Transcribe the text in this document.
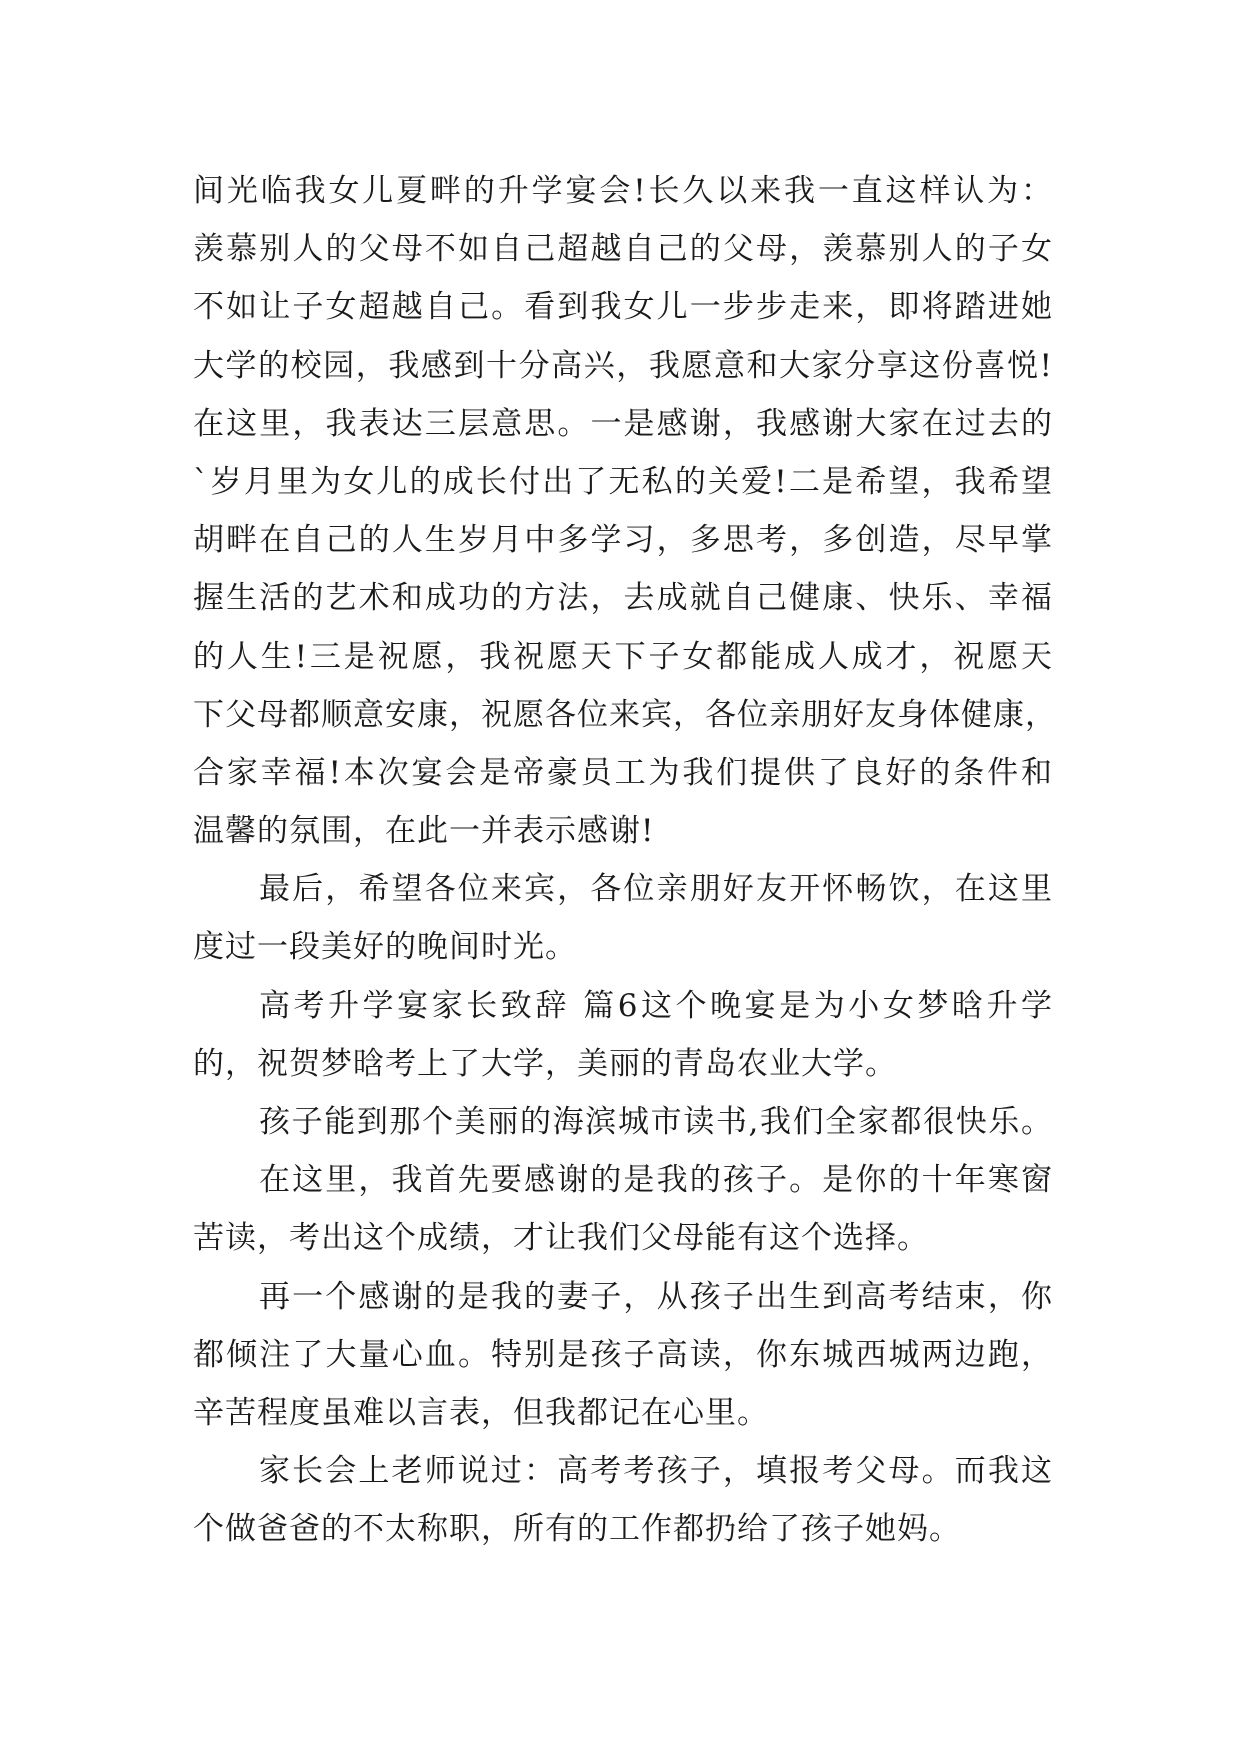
间光临我女儿夏畔的升学宴会!长久以来我一直这样认为：
羡慕别人的父母不如自己超越自己的父母，羡慕别人的子女
不如让子女超越自己。看到我女儿一步步走来，即将踏进她
大学的校园，我感到十分高兴，我愿意和大家分享这份喜悦!
在这里，我表达三层意思。一是感谢，我感谢大家在过去的
`岁月里为女儿的成长付出了无私的关爱!二是希望，我希望
胡畔在自己的人生岁月中多学习，多思考，多创造，尽早掌
握生活的艺术和成功的方法，去成就自己健康、快乐、幸福
的人生!三是祝愿，我祝愿天下子女都能成人成才，祝愿天
下父母都顺意安康，祝愿各位来宾，各位亲朋好友身体健康，
合家幸福!本次宴会是帝豪员工为我们提供了良好的条件和
温馨的氛围，在此一并表示感谢!
最后，希望各位来宾，各位亲朋好友开怀畅饮，在这里
度过一段美好的晚间时光。
高考升学宴家长致辞 篇6这个晚宴是为小女梦晗升学
的，祝贺梦晗考上了大学，美丽的青岛农业大学。
孩子能到那个美丽的海滨城市读书,我们全家都很快乐。
在这里，我首先要感谢的是我的孩子。是你的十年寒窗
苦读，考出这个成绩，才让我们父母能有这个选择。
再一个感谢的是我的妻子，从孩子出生到高考结束，你
都倾注了大量心血。特别是孩子高读，你东城西城两边跑，
辛苦程度虽难以言表，但我都记在心里。
家长会上老师说过：高考考孩子，填报考父母。而我这
个做爸爸的不太称职，所有的工作都扔给了孩子她妈。
